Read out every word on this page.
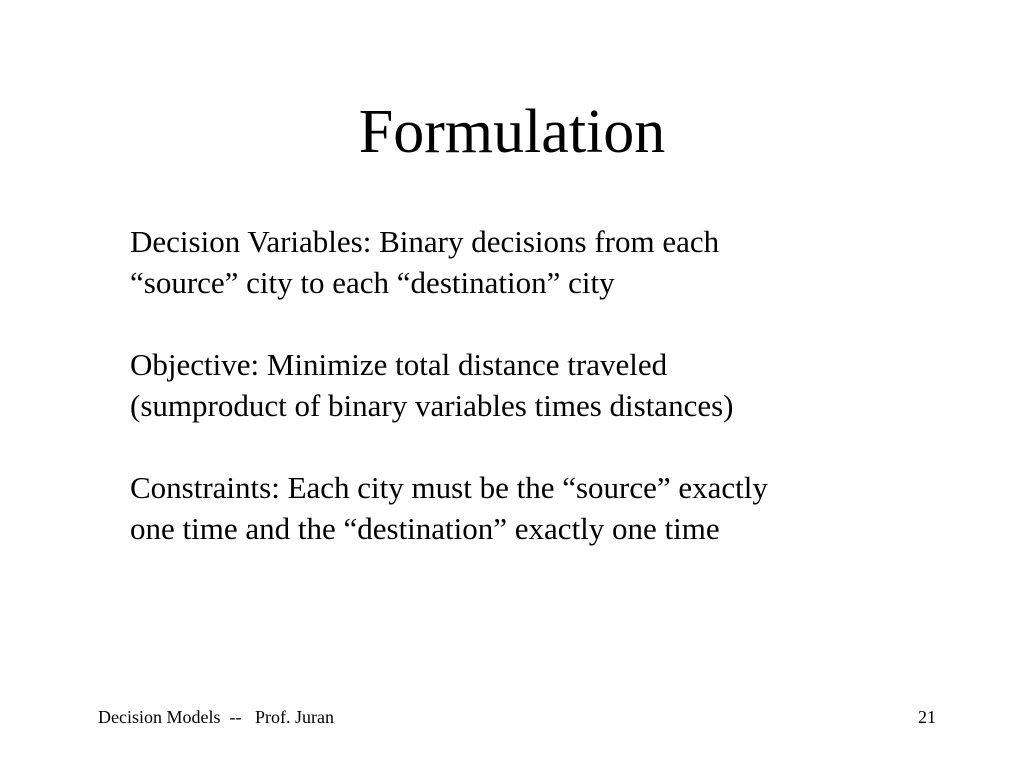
Formulation

Decision Variables: Binary decisions from each
“source” city to each “destination” city

Objective: Minimize total distance traveled
(sumproduct of binary variables times distances)

Constraints: Each city must be the “source” exactly
one time and the “destination” exactly one time

Decision Models  --   Prof. Juran	21
